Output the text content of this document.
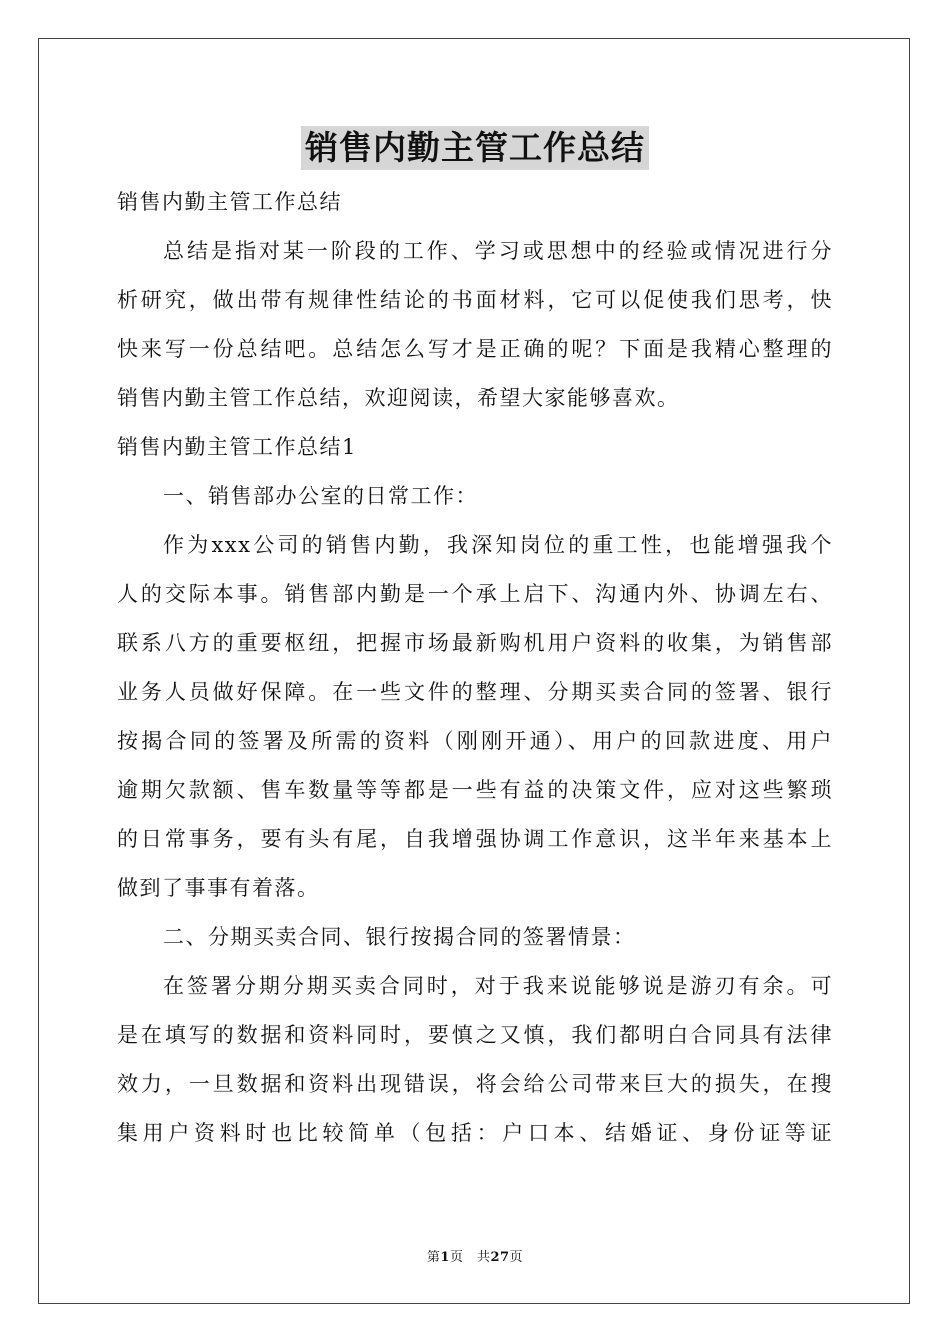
销售内勤主管工作总结
销售内勤主管工作总结
总结是指对某一阶段的工作、学习或思想中的经验或情况进行分
析研究，做出带有规律性结论的书面材料，它可以促使我们思考，快
快来写一份总结吧。总结怎么写才是正确的呢？下面是我精心整理的
销售内勤主管工作总结，欢迎阅读，希望大家能够喜欢。
销售内勤主管工作总结1
一、销售部办公室的日常工作：
作为xxx公司的销售内勤，我深知岗位的重工性，也能增强我个
人的交际本事。销售部内勤是一个承上启下、沟通内外、协调左右、
联系八方的重要枢纽，把握市场最新购机用户资料的收集，为销售部
业务人员做好保障。在一些文件的整理、分期买卖合同的签署、银行
按揭合同的签署及所需的资料（刚刚开通）、用户的回款进度、用户
逾期欠款额、售车数量等等都是一些有益的决策文件，应对这些繁琐
的日常事务，要有头有尾，自我增强协调工作意识，这半年来基本上
做到了事事有着落。
二、分期买卖合同、银行按揭合同的签署情景：
在签署分期分期买卖合同时，对于我来说能够说是游刃有余。可
是在填写的数据和资料同时，要慎之又慎，我们都明白合同具有法律
效力，一旦数据和资料出现错误，将会给公司带来巨大的损失，在搜
集用户资料时也比较简单（包括：户口本、结婚证、身份证等证
第1页　共27页
